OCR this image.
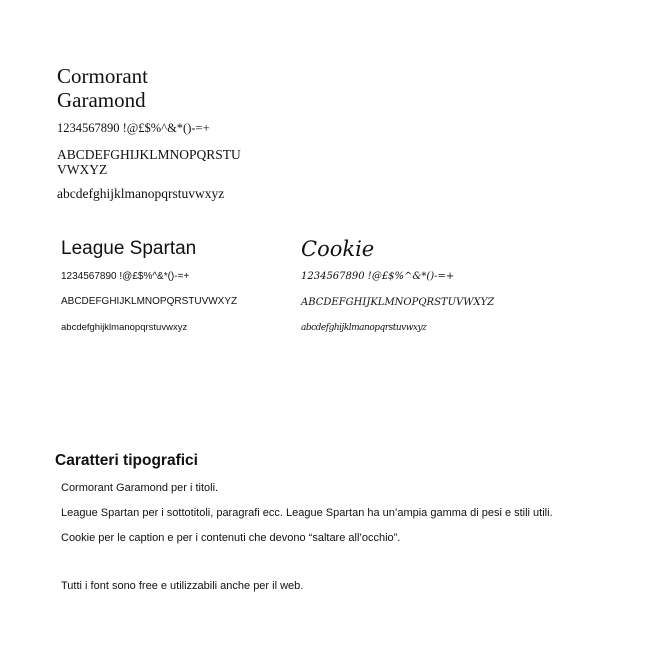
Cormorant
Garamond
1234567890 !@£$%^&*()-=+
ABCDEFGHIJKLMNOPQRSTU
VWXYZ
abcdefghijklmanopqrstuvwxyz
League Spartan
1234567890 !@£$%^&*()-=+
ABCDEFGHIJKLMNOPQRSTUVWXYZ
abcdefghijklmanopqrstuvwxyz
Cookie
1234567890 !@£$%^&*()-=+
ABCDEFGHIJKLMNOPQRSTUVWXYZ
abcdefghijklmanopqrstuvwxyz
Caratteri tipografici
Cormorant Garamond per i titoli.
League Spartan per i sottotitoli, paragrafi ecc. League Spartan ha un’ampia gamma di pesi e stili utili.
Cookie per le caption e per i contenuti che devono “saltare all’occhio”.
Tutti i font sono free e utilizzabili anche per il web.
